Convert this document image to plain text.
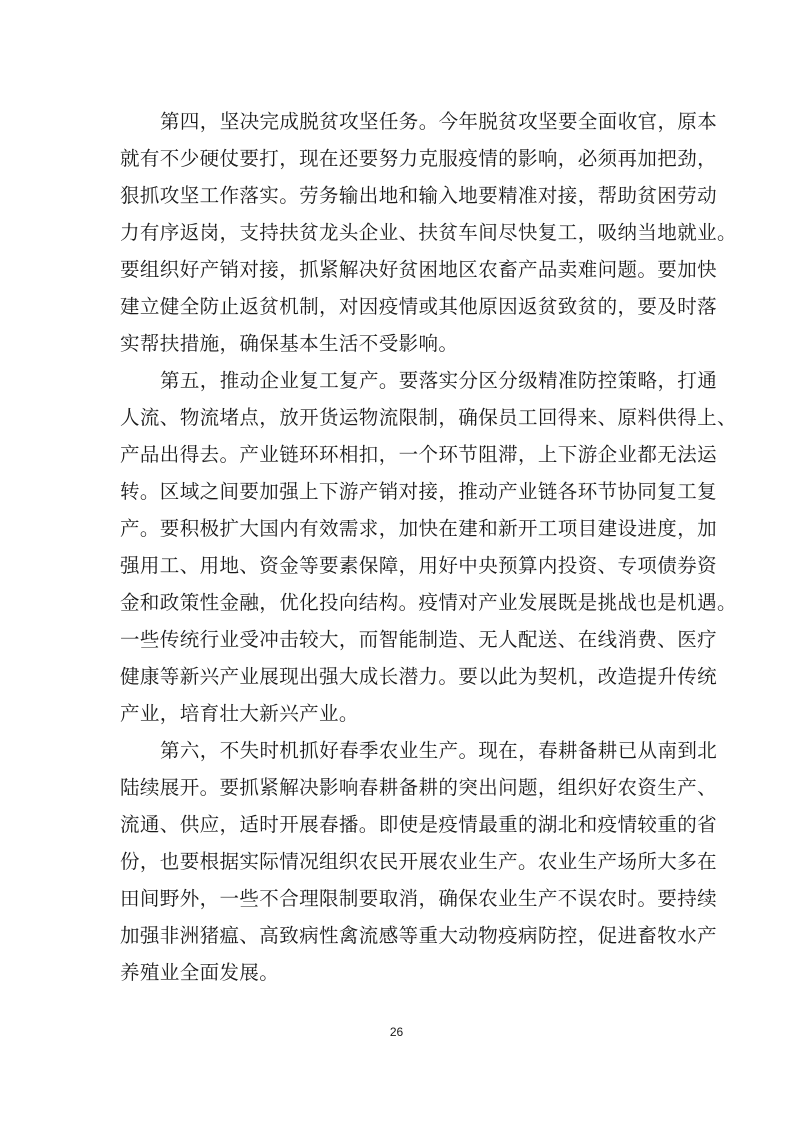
第四，坚决完成脱贫攻坚任务。今年脱贫攻坚要全面收官，原本
就有不少硬仗要打，现在还要努力克服疫情的影响，必须再加把劲，
狠抓攻坚工作落实。劳务输出地和输入地要精准对接，帮助贫困劳动
力有序返岗，支持扶贫龙头企业、扶贫车间尽快复工，吸纳当地就业。
要组织好产销对接，抓紧解决好贫困地区农畜产品卖难问题。要加快
建立健全防止返贫机制，对因疫情或其他原因返贫致贫的，要及时落
实帮扶措施，确保基本生活不受影响。
第五，推动企业复工复产。要落实分区分级精准防控策略，打通
人流、物流堵点，放开货运物流限制，确保员工回得来、原料供得上、
产品出得去。产业链环环相扣，一个环节阻滞，上下游企业都无法运
转。区域之间要加强上下游产销对接，推动产业链各环节协同复工复
产。要积极扩大国内有效需求，加快在建和新开工项目建设进度，加
强用工、用地、资金等要素保障，用好中央预算内投资、专项债券资
金和政策性金融，优化投向结构。疫情对产业发展既是挑战也是机遇。
一些传统行业受冲击较大，而智能制造、无人配送、在线消费、医疗
健康等新兴产业展现出强大成长潜力。要以此为契机，改造提升传统
产业，培育壮大新兴产业。
第六，不失时机抓好春季农业生产。现在，春耕备耕已从南到北
陆续展开。要抓紧解决影响春耕备耕的突出问题，组织好农资生产、
流通、供应，适时开展春播。即使是疫情最重的湖北和疫情较重的省
份，也要根据实际情况组织农民开展农业生产。农业生产场所大多在
田间野外，一些不合理限制要取消，确保农业生产不误农时。要持续
加强非洲猪瘟、高致病性禽流感等重大动物疫病防控，促进畜牧水产
养殖业全面发展。
26
